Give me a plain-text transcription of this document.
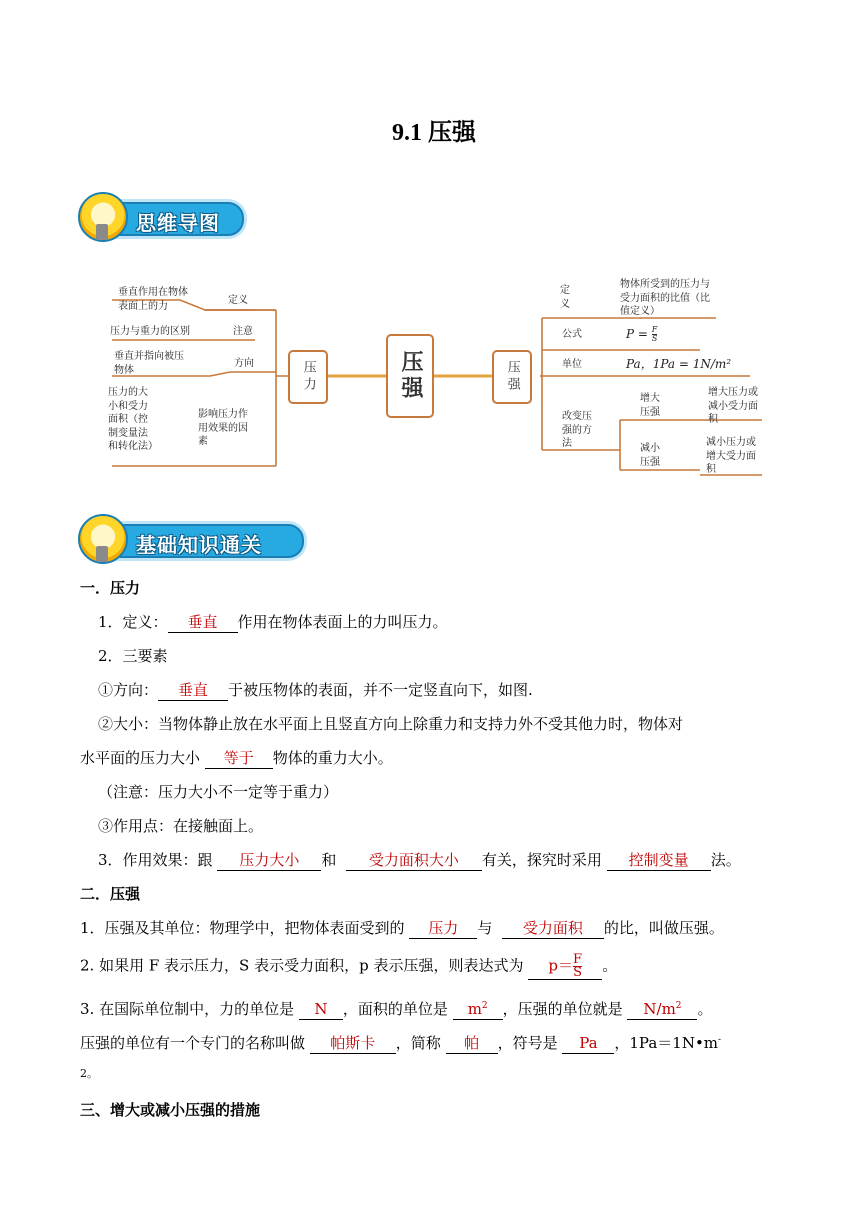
9.1 压强
思维导图
压强
压力	压强
垂直作用在物体表面上的力	定义
压力与重力的区别	注意
垂直并指向被压物体
方向
压力的大小和受力面积（控制变量法和转化法）
影响压力作用效果的因素
定义
物体所受到的压力与受力面积的比值（比值定义）
公式	$P = \frac{F}{S}$
单位	Pa，1Pa = 1N/m²
改变压强的方法
增大压强
增大压力或减小受力面积
减小压强
减小压力或增大受力面积
基础知识通关
一．压力
1．定义： 垂直 作用在物体表面上的力叫压力。
2．三要素
①方向： 垂直 于被压物体的表面，并不一定竖直向下，如图.
②大小：当物体静止放在水平面上且竖直方向上除重力和支持力外不受其他力时，物体对
水平面的压力大小 等于 物体的重力大小。
（注意：压力大小不一定等于重力）
③作用点：在接触面上。
3．作用效果：跟 压力大小 和 受力面积大小 有关，探究时采用 控制变量 法。
二．压强
1．压强及其单位：物理学中，把物体表面受到的 压力 与 受力面积 的比，叫做压强。
2. 如果用 F 表示压力，S 表示受力面积，p 表示压强，则表达式为 $p= \frac{F}{S}$ 。
3. 在国际单位制中，力的单位是 N ，面积的单位是 $m^2$ ，压强的单位就是 $N/m^2$ 。
压强的单位有一个专门的名称叫做 帕斯卡 ，简称 帕 ，符号是 Pa ，1Pa＝1N•m-
2。
三、增大或减小压强的措施
